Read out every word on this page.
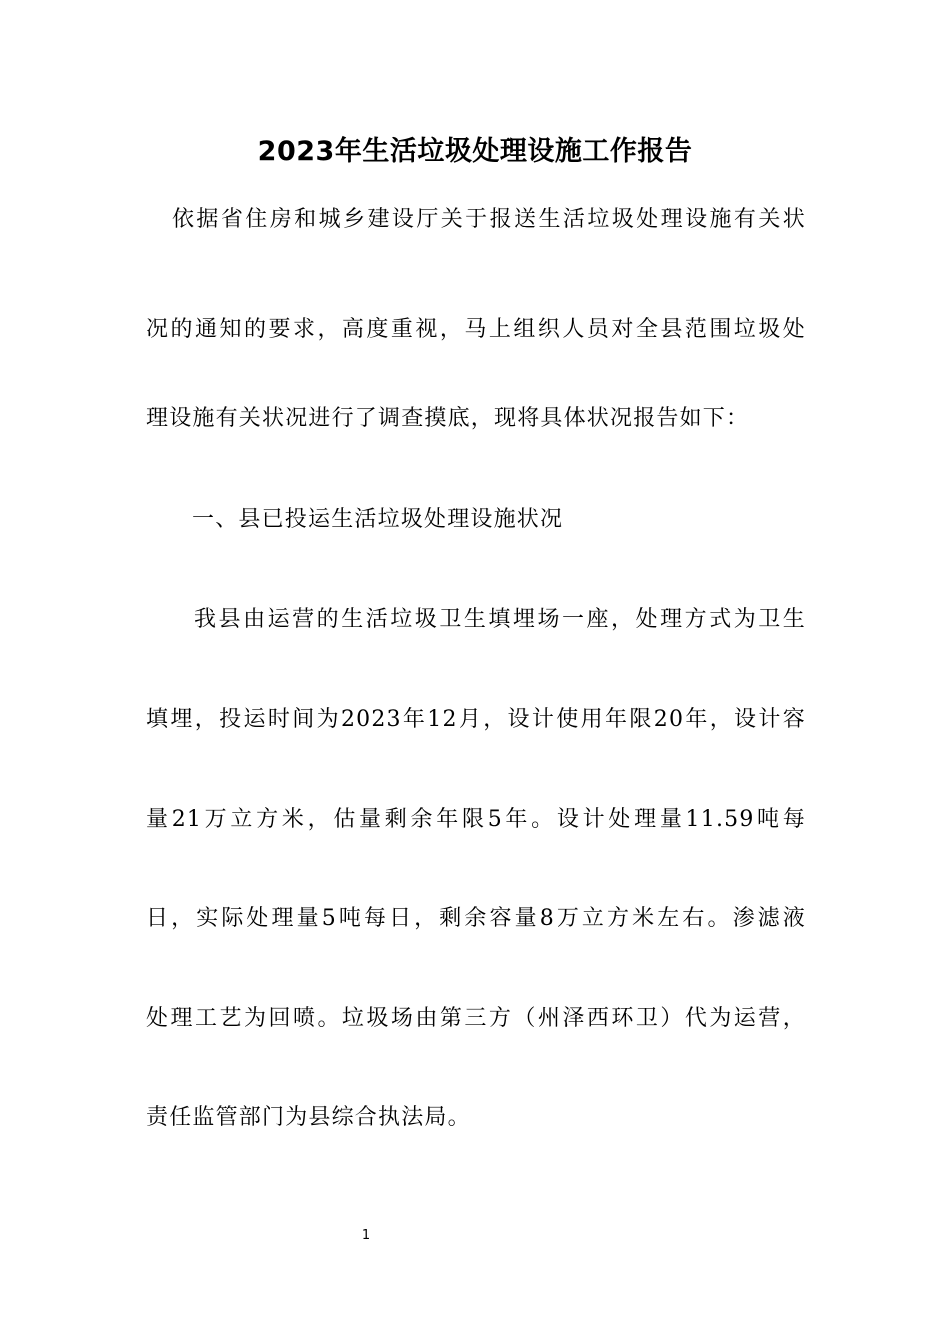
2023年生活垃圾处理设施工作报告
依据省住房和城乡建设厅关于报送生活垃圾处理设施有关状
况的通知的要求，高度重视，马上组织人员对全县范围垃圾处
理设施有关状况进行了调查摸底，现将具体状况报告如下：
一、县已投运生活垃圾处理设施状况
我县由运营的生活垃圾卫生填埋场一座，处理方式为卫生
填埋，投运时间为2023年12月，设计使用年限20年，设计容
量21万立方米，估量剩余年限5年。设计处理量11.59吨每
日，实际处理量5吨每日，剩余容量8万立方米左右。渗滤液
处理工艺为回喷。垃圾场由第三方（州泽西环卫）代为运营，
责任监管部门为县综合执法局。
1
